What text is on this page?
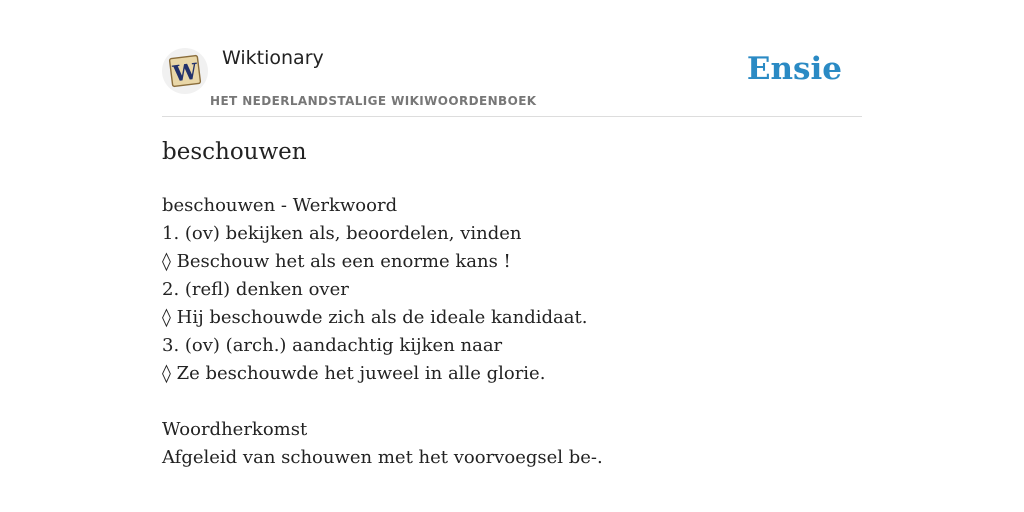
W
Wiktionary
HET NEDERLANDSTALIGE WIKIWOORDENBOEK
Ensie
beschouwen
beschouwen - Werkwoord
1. (ov) bekijken als, beoordelen, vinden
◊ Beschouw het als een enorme kans !
2. (refl) denken over
◊ Hij beschouwde zich als de ideale kandidaat.
3. (ov) (arch.) aandachtig kijken naar
◊ Ze beschouwde het juweel in alle glorie.
Woordherkomst
Afgeleid van schouwen met het voorvoegsel be-.
